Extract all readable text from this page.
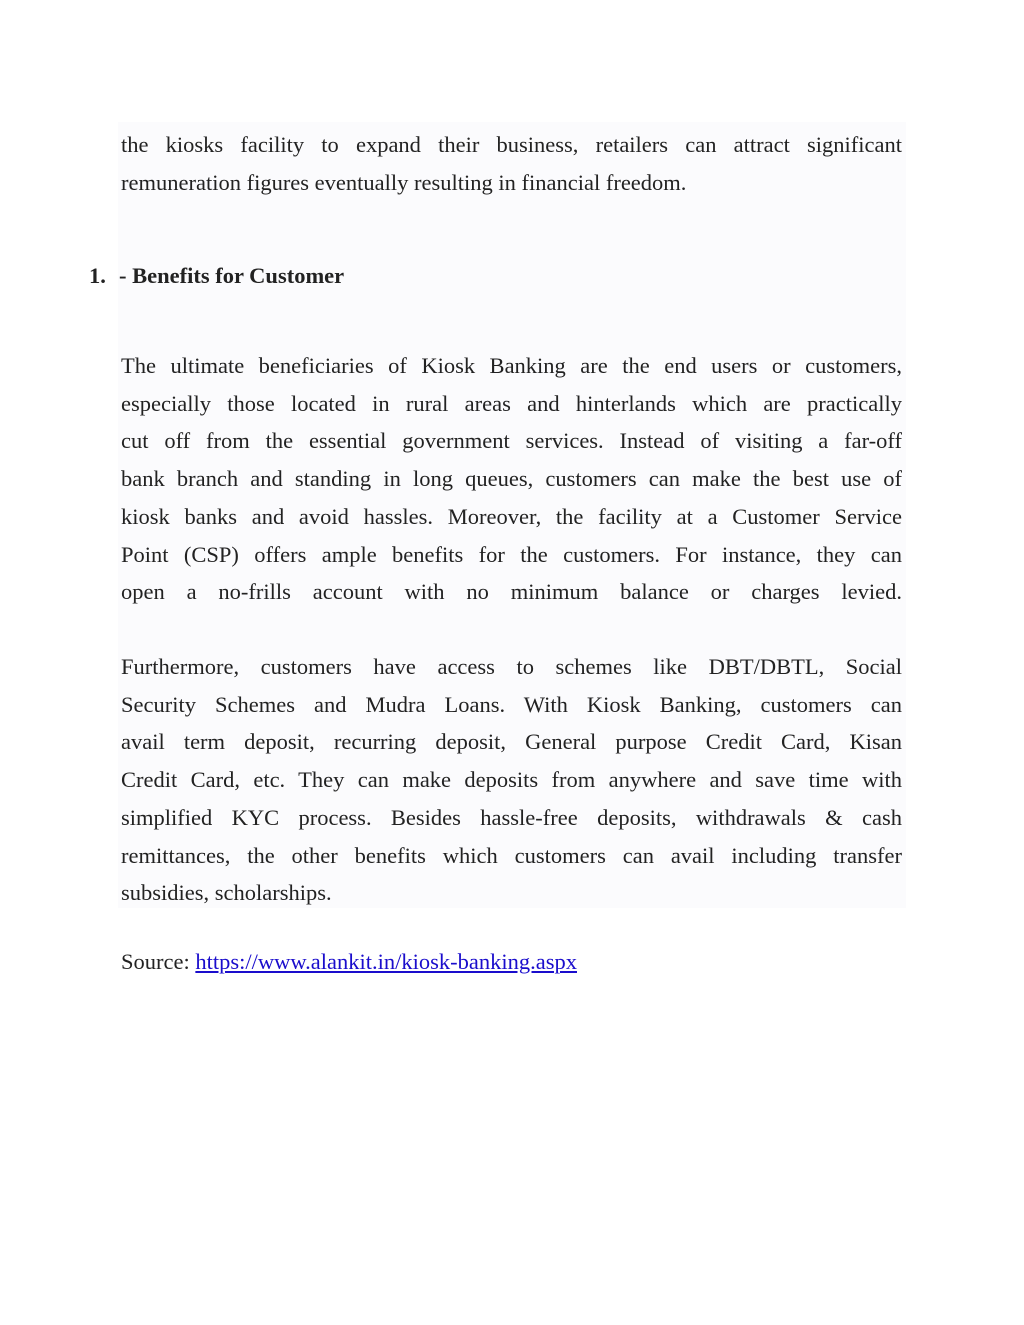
the kiosks facility to expand their business, retailers can attract significant
remuneration figures eventually resulting in financial freedom.

1. - Benefits for Customer

The ultimate beneficiaries of Kiosk Banking are the end users or customers,
especially those located in rural areas and hinterlands which are practically
cut off from the essential government services. Instead of visiting a far-off
bank branch and standing in long queues, customers can make the best use of
kiosk banks and avoid hassles. Moreover, the facility at a Customer Service
Point (CSP) offers ample benefits for the customers. For instance, they can
open a no-frills account with no minimum balance or charges levied.

Furthermore, customers have access to schemes like DBT/DBTL, Social
Security Schemes and Mudra Loans. With Kiosk Banking, customers can
avail term deposit, recurring deposit, General purpose Credit Card, Kisan
Credit Card, etc. They can make deposits from anywhere and save time with
simplified KYC process. Besides hassle-free deposits, withdrawals & cash
remittances, the other benefits which customers can avail including transfer
subsidies, scholarships.

Source: https://www.alankit.in/kiosk-banking.aspx
